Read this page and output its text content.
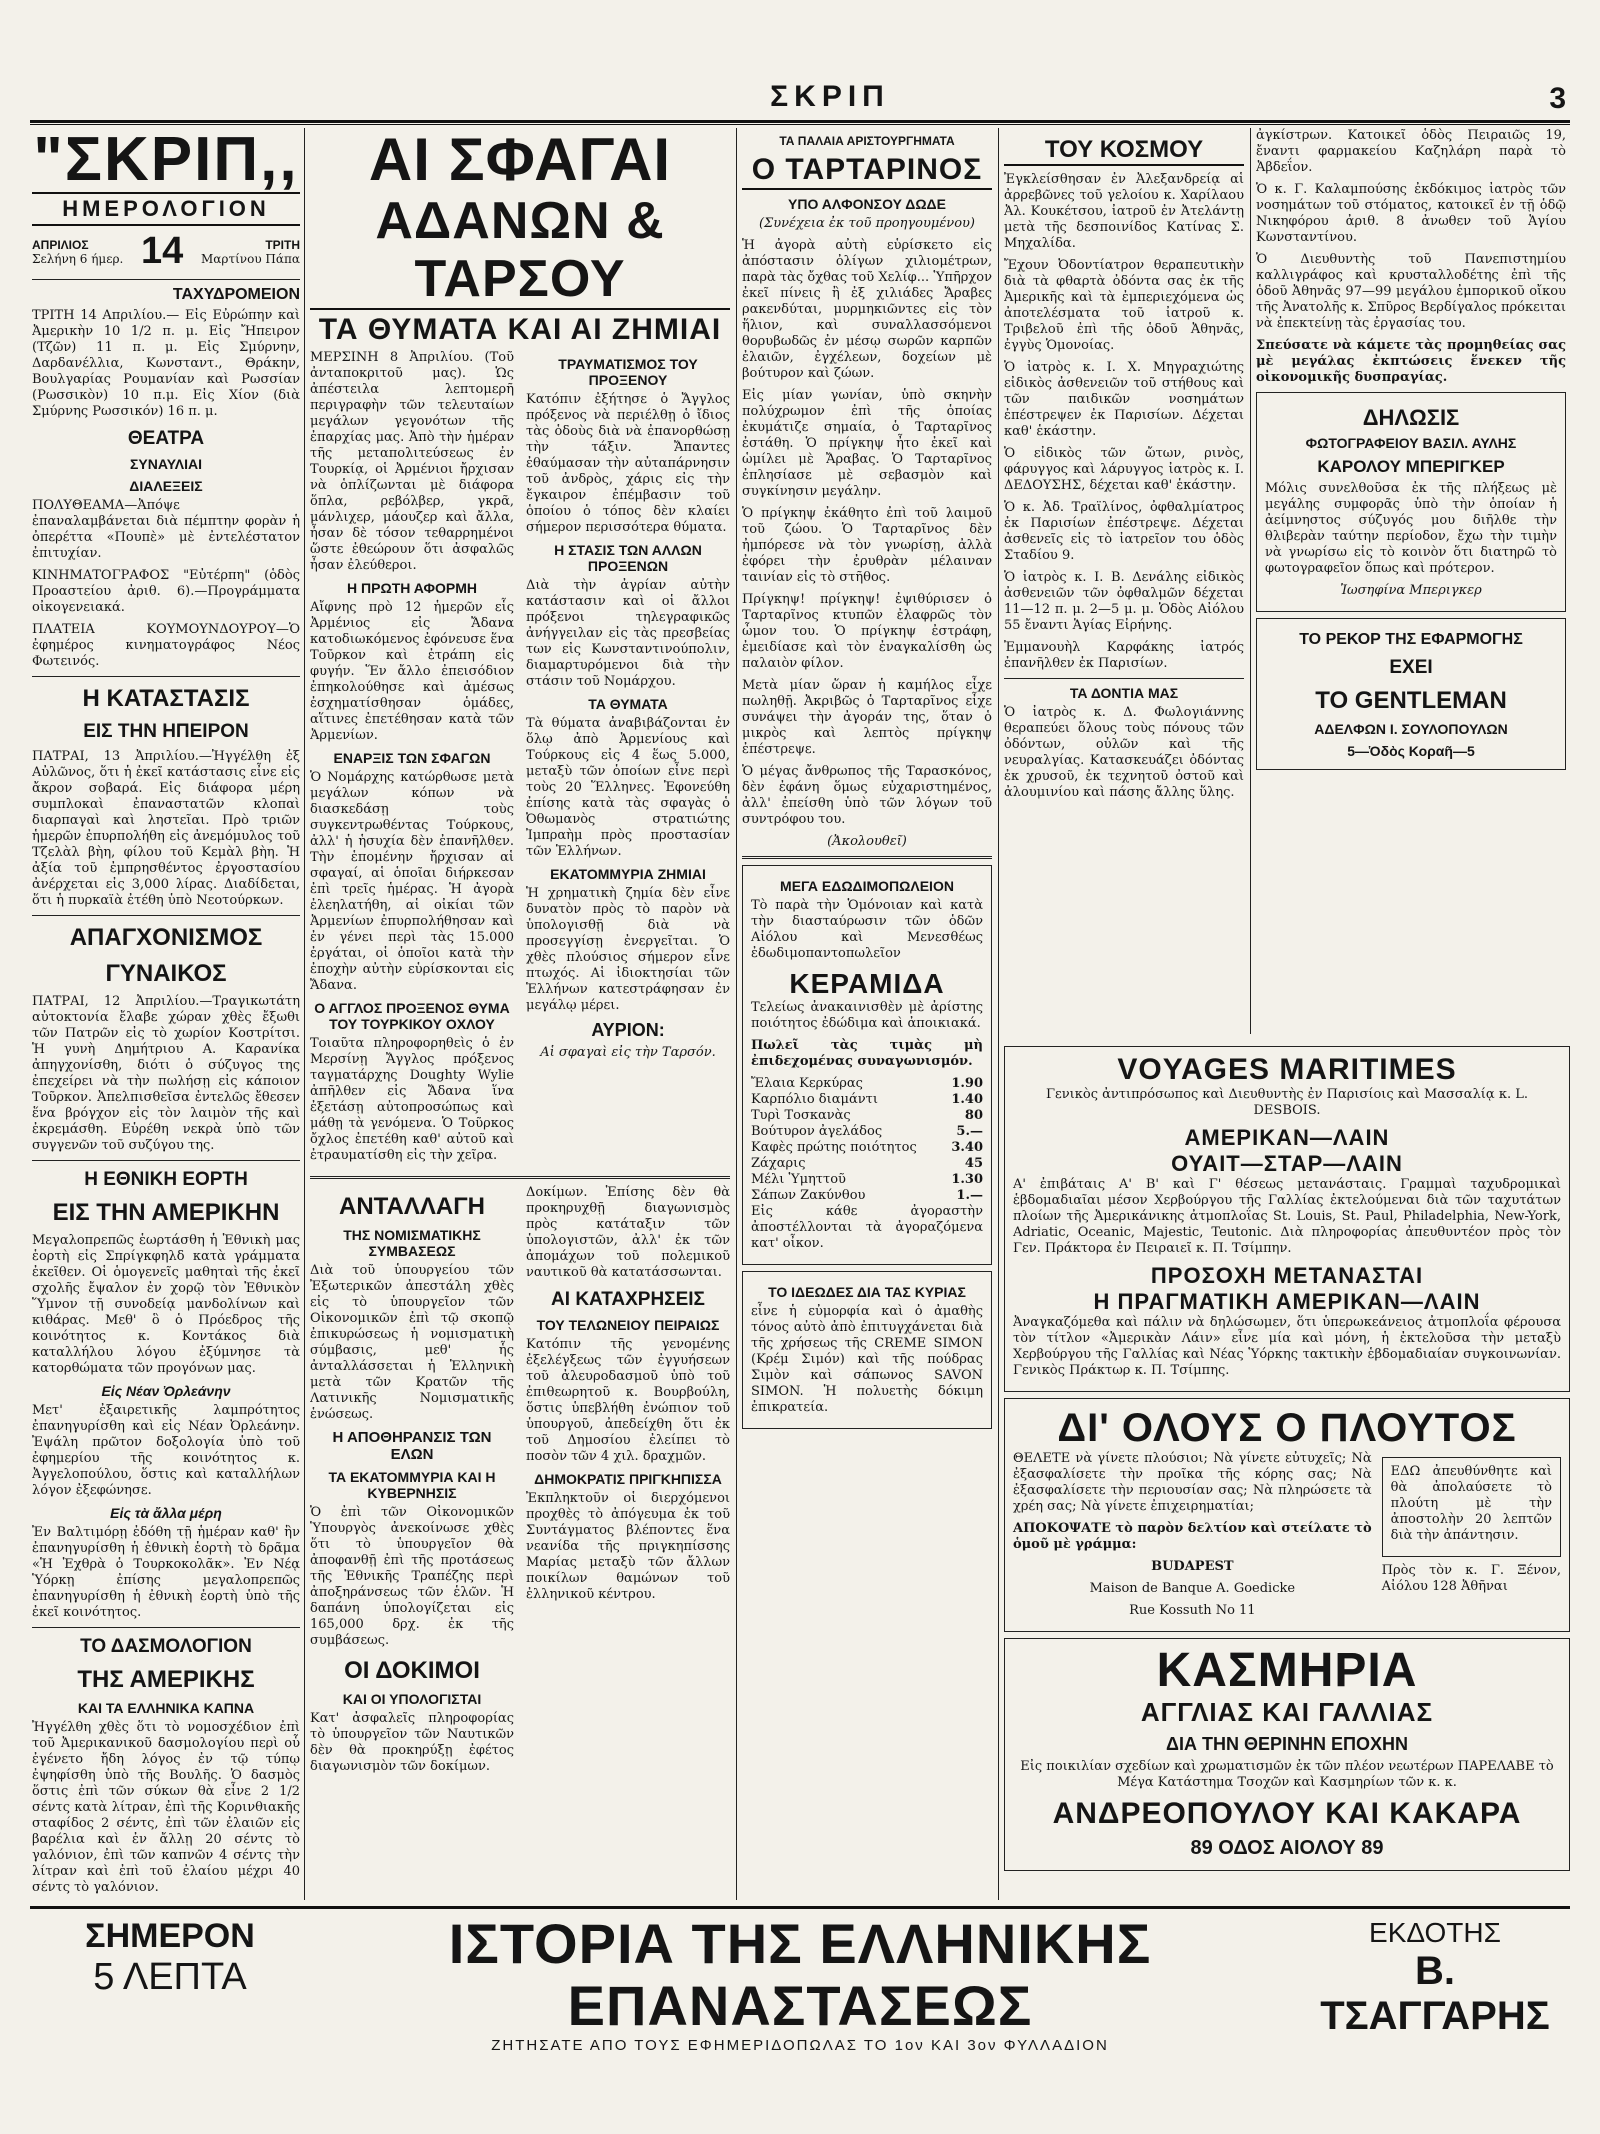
ΣΚΡΙΠ	3
"ΣΚΡΙΠ,,
ΗΜΕΡΟΛΟΓΙΟΝ
ΑΠΡΙΛΙΟΣ
Σελήνη 6 ήμερ. 14	ΤΡΙΤΗ
Μαρτίνου Πάπα
ΤΑΧΥΔΡΟΜΕΙΟΝ

ΤΡΙΤΗ 14 Απριλίου.— Εἰς Εὐρώπην καὶ Ἀμερικὴν 10 1/2 π. μ. Εἰς Ἤπειρον (Τζῶν) 11 π. μ. Εἰς Σμύρνην, Δαρδανέλλια, Κωνσταντ., Θράκην, Βουλγαρίας Ρουμανίαν καὶ Ρωσσίαν (Ρωσσικὸν) 10 π.μ. Εἰς Χίον (διὰ Σμύρνης Ρωσσικόν) 16 π. μ.

ΘΕΑΤΡΑ
ΣΥΝΑΥΛΙΑΙ
ΔΙΑΛΕΞΕΙΣ

ΠΟΛΥΘΕΑΜΑ—Ἀπόψε ἐπαναλαμβάνεται διὰ πέμπτην φορὰν ἡ ὀπερέττα «Πουπὲ» μὲ ἐντελέστατον ἐπιτυχίαν.

ΚΙΝΗΜΑΤΟΓΡΑΦΟΣ "Εὐτέρπη" (ὁδὸς Προαστείου ἀριθ. 6).—Προγράμματα οἰκογενειακά.

ΠΛΑΤΕΙΑ ΚΟΥΜΟΥΝΔΟΥΡΟΥ—Ὁ ἐφημέρος κινηματογράφος Νέος Φωτεινός.

Η ΚΑΤΑΣΤΑΣΙΣ
ΕΙΣ ΤΗΝ ΗΠΕΙΡΟΝ

ΠΑΤΡΑΙ, 13 Ἀπριλίου.—Ἠγγέλθη ἐξ Αὐλῶνος, ὅτι ἡ ἐκεῖ κατάστασις εἶνε εἰς ἄκρον σοβαρά. Εἰς διάφορα μέρη συμπλοκαὶ ἐπαναστατῶν κλοπαὶ διαρπαγαὶ καὶ ληστεῖαι. Πρὸ τριῶν ἡμερῶν ἐπυρπολήθη εἰς ἀνεμόμυλος τοῦ Τζελὰλ βὴη, φίλου τοῦ Κεμὰλ βὴη. Ἡ ἀξία τοῦ ἐμπρησθέντος ἐργοστασίου ἀνέρχεται εἰς 3,000 λίρας. Διαδίδεται, ὅτι ἡ πυρκαϊὰ ἐτέθη ὑπὸ Νεοτούρκων.

ΑΠΑΓΧΟΝΙΣΜΟΣ
ΓΥΝΑΙΚΟΣ

ΠΑΤΡΑΙ, 12 Ἀπριλίου.—Τραγικωτάτη αὐτοκτονία ἔλαβε χώραν χθὲς ἔξωθι τῶν Πατρῶν εἰς τὸ χωρίον Κοστρίτσι. Ἡ γυνὴ Δημήτριου Α. Καρανίκα ἀπηγχονίσθη, διότι ὁ σύζυγος της ἐπεχείρει νὰ τὴν πωλήσῃ εἰς κάποιον Τοῦρκον. Ἀπελπισθεῖσα ἐντελῶς ἔθεσεν ἕνα βρόγχον εἰς τὸν λαιμὸν τῆς καὶ ἐκρεμάσθη. Εὑρέθη νεκρὰ ὑπὸ τῶν συγγενῶν τοῦ συζύγου της.

Η ΕΘΝΙΚΗ ΕΟΡΤΗ
ΕΙΣ ΤΗΝ ΑΜΕΡΙΚΗΝ

Μεγαλοπρεπῶς ἑωρτάσθη ἡ Ἐθνικὴ μας ἑορτὴ εἰς Σπρίγκφηλδ κατὰ γράμματα ἐκεῖθεν. Οἱ ὁμογενεῖς μαθηταὶ τῆς ἐκεῖ σχολῆς ἔψαλον ἐν χορῷ τὸν Ἐθνικὸν Ὕμνον τῇ συνοδείᾳ μανδολίνων καὶ κιθάρας. Μεθ' ὃ ὁ Πρόεδρος τῆς κοινότητος κ. Κοντάκος διὰ καταλλήλου λόγου ἐξύμνησε τὰ κατορθώματα τῶν προγόνων μας.

Εἰς Νέαν Ὀρλεάνην

Μετ' ἐξαιρετικῆς λαμπρότητος ἐπανηγυρίσθη καὶ εἰς Νέαν Ὀρλεάνην. Ἐψάλη πρῶτον δοξολογία ὑπὸ τοῦ ἐφημερίου τῆς κοινότητος κ. Ἀγγελοπούλου, ὅστις καὶ καταλλήλων λόγον ἐξεφώνησε.

Εἰς τὰ ἄλλα μέρη

Ἐν Βαλτιμόρῃ ἐδόθη τῇ ἡμέραν καθ' ἣν ἐπανηγυρίσθη ἡ ἐθνικὴ ἑορτὴ τὸ δρᾶμα «Ἡ Ἐχθρὰ ὁ Τουρκοκολᾶκ». Ἐν Νέᾳ Ὑόρκῃ ἐπίσης μεγαλοπρεπῶς ἐπανηγυρίσθη ἡ ἐθνικὴ ἑορτὴ ὑπὸ τῆς ἐκεῖ κοινότητος.

ΤΟ ΔΑΣΜΟΛΟΓΙΟΝ
ΤΗΣ ΑΜΕΡΙΚΗΣ
ΚΑΙ ΤΑ ΕΛΛΗΝΙΚΑ ΚΑΠΝΑ

Ἠγγέλθη χθὲς ὅτι τὸ νομοσχέδιον ἐπὶ τοῦ Ἀμερικανικοῦ δασμολογίου περὶ οὗ ἐγένετο ἤδη λόγος ἐν τῷ τύπῳ ἐψηφίσθη ὑπὸ τῆς Βουλῆς. Ὁ δασμὸς ὅστις ἐπὶ τῶν σύκων θὰ εἶνε 2 1/2 σέντς κατὰ λίτραν, ἐπὶ τῆς Κορινθιακῆς σταφίδος 2 σέντς, ἐπὶ τῶν ἐλαιῶν εἰς βαρέλια καὶ ἐν ἄλλῃ 20 σέντς τὸ γαλόνιον, ἐπὶ τῶν καπνῶν 4 σέντς τὴν λίτραν καὶ ἐπὶ τοῦ ἐλαίου μέχρι 40 σέντς τὸ γαλόνιον.

ΑΙ ΣΦΑΓΑΙ
ΑΔΑΝΩΝ & ΤΑΡΣΟΥ
ΤΑ ΘΥΜΑΤΑ ΚΑΙ ΑΙ ΖΗΜΙΑΙ

ΜΕΡΣΙΝΗ 8 Ἀπριλίου. (Τοῦ ἀνταποκριτοῦ μας). Ὡς ἀπέστειλα λεπτομερῆ περιγραφὴν τῶν τελευταίων μεγάλων γεγονότων τῆς ἐπαρχίας μας. Ἀπὸ τὴν ἡμέραν τῆς μεταπολιτεύσεως ἐν Τουρκίᾳ, οἱ Ἀρμένιοι ἤρχισαν νὰ ὁπλίζωνται μὲ διάφορα ὅπλα, ρεβόλβερ, γκρᾶ, μάνλιχερ, μάουζερ καὶ ἄλλα, ἦσαν δὲ τόσον τεθαρρημένοι ὥστε ἐθεώρουν ὅτι ἀσφαλῶς ἦσαν ἐλεύθεροι.

Η ΠΡΩΤΗ ΑΦΟΡΜΗ

Αἴφνης πρὸ 12 ἡμερῶν εἷς Ἀρμένιος εἰς Ἄδανα κατοδιωκόμενος ἐφόνευσε ἕνα Τοῦρκον καὶ ἐτράπη εἰς φυγήν. Ἕν ἄλλο ἐπεισόδιον ἐπηκολούθησε καὶ ἀμέσως ἐσχηματίσθησαν ὁμάδες, αἵτινες ἐπετέθησαν κατὰ τῶν Ἀρμενίων.

ΕΝΑΡΞΙΣ ΤΩΝ ΣΦΑΓΩΝ

Ὁ Νομάρχης κατώρθωσε μετὰ μεγάλων κόπων νὰ διασκεδάσῃ τοὺς συγκεντρωθέντας Τούρκους, ἀλλ' ἡ ἡσυχία δὲν ἐπανῆλθεν. Τὴν ἑπομένην ἤρχισαν αἱ σφαγαί, αἱ ὁποῖαι διήρκεσαν ἐπὶ τρεῖς ἡμέρας. Ἡ ἀγορὰ ἐλεηλατήθη, αἱ οἰκίαι τῶν Ἀρμενίων ἐπυρπολήθησαν καὶ ἐν γένει περὶ τὰς 15.000 ἐργάται, οἱ ὁποῖοι κατὰ τὴν ἐποχὴν αὐτὴν εὑρίσκονται εἰς Ἄδανα.

Ο ΑΓΓΛΟΣ ΠΡΟΞΕΝΟΣ ΘΥΜΑ ΤΟΥ ΤΟΥΡΚΙΚΟΥ ΟΧΛΟΥ

Τοιαῦτα πληροφορηθεὶς ὁ ἐν Μερσίνῃ Ἄγγλος πρόξενος ταγματάρχης Doughty Wylie ἀπῆλθεν εἰς Ἄδανα ἵνα ἐξετάσῃ αὐτοπροσώπως καὶ μάθῃ τὰ γενόμενα. Ὁ Τοῦρκος ὄχλος ἐπετέθη καθ' αὐτοῦ καὶ ἐτραυματίσθη εἰς τὴν χεῖρα.

ΤΡΑΥΜΑΤΙΣΜΟΣ ΤΟΥ ΠΡΟΞΕΝΟΥ

Κατόπιν ἐξήτησε ὁ Ἄγγλος πρόξενος νὰ περιέλθῃ ὁ ἴδιος τὰς ὁδοὺς διὰ νὰ ἐπανορθώσῃ τὴν τάξιν. Ἄπαντες ἐθαύμασαν τὴν αὐταπάρνησιν τοῦ ἀνδρὸς, χάρις εἰς τὴν ἔγκαιρον ἐπέμβασιν τοῦ ὁποίου ὁ τόπος δὲν κλαίει σήμερον περισσότερα θύματα.

Η ΣΤΑΣΙΣ ΤΩΝ ΑΛΛΩΝ ΠΡΟΞΕΝΩΝ

Διὰ τὴν ἀγρίαν αὐτὴν κατάστασιν καὶ οἱ ἄλλοι πρόξενοι τηλεγραφικῶς ἀνήγγειλαν εἰς τὰς πρεσβείας των εἰς Κωνσταντινούπολιν, διαμαρτυρόμενοι διὰ τὴν στάσιν τοῦ Νομάρχου.

ΤΑ ΘΥΜΑΤΑ

Τὰ θύματα ἀναβιβάζονται ἐν ὅλῳ ἀπὸ Ἀρμενίους καὶ Τούρκους εἰς 4 ἕως 5.000, μεταξὺ τῶν ὁποίων εἶνε περὶ τοὺς 20 Ἕλληνες. Ἐφονεύθη ἐπίσης κατὰ τὰς σφαγὰς ὁ Ὀθωμανὸς στρατιώτης Ἰμπραὴμ πρὸς προστασίαν τῶν Ἑλλήνων.

ΕΚΑΤΟΜΜΥΡΙΑ ΖΗΜΙΑΙ

Ἡ χρηματικὴ ζημία δὲν εἶνε δυνατὸν πρὸς τὸ παρὸν νὰ ὑπολογισθῇ διὰ νὰ προσεγγίσῃ ἐνεργεῖται. Ὁ χθὲς πλούσιος σήμερον εἶνε πτωχός. Αἱ ἰδιοκτησίαι τῶν Ἑλλήνων κατεστράφησαν ἐν μεγάλῳ μέρει.

ΑΥΡΙΟΝ:

Αἱ σφαγαὶ εἰς τὴν Ταρσόν.

ΑΝΤΑΛΛΑΓΗ
ΤΗΣ ΝΟΜΙΣΜΑΤΙΚΗΣ ΣΥΜΒΑΣΕΩΣ

Διὰ τοῦ ὑπουργείου τῶν Ἐξωτερικῶν ἀπεστάλη χθὲς εἰς τὸ ὑπουργεῖον τῶν Οἰκονομικῶν ἐπὶ τῷ σκοπῷ ἐπικυρώσεως ἡ νομισματικὴ σύμβασις, μεθ' ἧς ἀνταλλάσσεται ἡ Ἑλληνικὴ μετὰ τῶν Κρατῶν τῆς Λατινικῆς Νομισματικῆς ἑνώσεως.

Η ΑΠΟΘΗΡΑΝΣΙΣ ΤΩΝ ΕΛΩΝ
ΤΑ ΕΚΑΤΟΜΜΥΡΙΑ ΚΑΙ Η ΚΥΒΕΡΝΗΣΙΣ

Ὁ ἐπὶ τῶν Οἰκονομικῶν Ὑπουργὸς ἀνεκοίνωσε χθὲς ὅτι τὸ ὑπουργεῖον θὰ ἀποφανθῇ ἐπὶ τῆς προτάσεως τῆς Ἐθνικῆς Τραπέζης περὶ ἀποξηράνσεως τῶν ἑλῶν. Ἡ δαπάνη ὑπολογίζεται εἰς 165,000 δρχ. ἐκ τῆς συμβάσεως.

ΟΙ ΔΟΚΙΜΟΙ
ΚΑΙ ΟΙ ΥΠΟΛΟΓΙΣΤΑΙ

Κατ' ἀσφαλεῖς πληροφορίας τὸ ὑπουργεῖον τῶν Ναυτικῶν δὲν θὰ προκηρύξῃ ἐφέτος διαγωνισμὸν τῶν δοκίμων.

Δοκίμων. Ἐπίσης δὲν θὰ προκηρυχθῇ διαγωνισμὸς πρὸς κατάταξιν τῶν ὑπολογιστῶν, ἀλλ' ἐκ τῶν ἀπομάχων τοῦ πολεμικοῦ ναυτικοῦ θὰ κατατάσσωνται.

ΑΙ ΚΑΤΑΧΡΗΣΕΙΣ
ΤΟΥ ΤΕΛΩΝΕΙΟΥ ΠΕΙΡΑΙΩΣ

Κατόπιν τῆς γενομένης ἐξελέγξεως τῶν ἐγγυήσεων τοῦ ἀλευροδασμοῦ ὑπὸ τοῦ ἐπιθεωρητοῦ κ. Βουρβούλη, ὅστις ὑπεβλήθη ἐνώπιον τοῦ ὑπουργοῦ, ἀπεδείχθη ὅτι ἐκ τοῦ Δημοσίου ἐλείπει τὸ ποσὸν τῶν 4 χιλ. δραχμῶν.

ΔΗΜΟΚΡΑΤΙΣ ΠΡΙΓΚΗΠΙΣΣΑ

Ἐκπληκτοῦν οἱ διερχόμενοι προχθὲς τὸ ἀπόγευμα ἐκ τοῦ Συντάγματος βλέποντες ἕνα νεανίδα τῆς πριγκηπίσσης Μαρίας μεταξὺ τῶν ἄλλων ποικίλων θαμώνων τοῦ ἐλληνικοῦ κέντρου.

ΤΑ ΠΑΛΑΙΑ ΑΡΙΣΤΟΥΡΓΗΜΑΤΑ
Ο ΤΑΡΤΑΡΙΝΟΣ
ΥΠΟ ΑΛΦΟΝΣΟΥ ΔΩΔΕ

(Συνέχεια ἐκ τοῦ προηγουμένου)

Ἡ ἀγορὰ αὐτὴ εὑρίσκετο εἰς ἀπόστασιν ὀλίγων χιλιομέτρων, παρὰ τὰς ὄχθας τοῦ Χελίφ... Ὑπῆρχον ἐκεῖ πίνεις ἢ ἐξ χιλιάδες Ἄραβες ρακενδύται, μυρμηκιῶντες εἰς τὸν ἥλιον, καὶ συναλλασσόμενοι θορυβωδῶς ἐν μέσῳ σωρῶν καρπῶν ἐλαιῶν, ἐγχέλεων, δοχείων μὲ βούτυρον καὶ ζώων.

Εἰς μίαν γωνίαν, ὑπὸ σκηνὴν πολύχρωμον ἐπὶ τῆς ὁποίας ἐκυμάτιζε σημαία, ὁ Ταρταρῖνος ἐστάθη. Ὁ πρίγκηψ ἦτο ἐκεῖ καὶ ὡμίλει μὲ Ἄραβας. Ὁ Ταρταρῖνος ἐπλησίασε μὲ σεβασμὸν καὶ συγκίνησιν μεγάλην.

Ὁ πρίγκηψ ἐκάθητο ἐπὶ τοῦ λαιμοῦ τοῦ ζώου. Ὁ Ταρταρῖνος δὲν ἠμπόρεσε νὰ τὸν γνωρίσῃ, ἀλλὰ ἐφόρει τὴν ἐρυθρὰν μέλαιναν ταινίαν εἰς τὸ στῆθος.

Πρίγκηψ! πρίγκηψ! ἐψιθύρισεν ὁ Ταρταρῖνος κτυπῶν ἐλαφρῶς τὸν ὦμον του. Ὁ πρίγκηψ ἐστράφη, ἐμειδίασε καὶ τὸν ἐναγκαλίσθη ὡς παλαιὸν φίλον.

Μετὰ μίαν ὥραν ἡ καμήλος εἶχε πωληθῇ. Ἀκριβῶς ὁ Ταρταρῖνος εἶχε συνάψει τὴν ἀγοράν της, ὅταν ὁ μικρὸς καὶ λεπτὸς πρίγκηψ ἐπέστρεψε.

Ὁ μέγας ἄνθρωπος τῆς Ταρασκόνος, δὲν ἐφάνη ὅμως εὐχαριστημένος, ἀλλ' ἐπείσθη ὑπὸ τῶν λόγων τοῦ συντρόφου του.

(Ἀκολουθεῖ)

ΜΕΓΑ ΕΔΩΔΙΜΟΠΩΛΕΙΟΝ

Τὸ παρὰ τὴν Ὁμόνοιαν καὶ κατὰ τὴν διασταύρωσιν τῶν ὁδῶν Αἰόλου καὶ Μενεσθέως ἐδωδιμοπαντοπωλεῖον

ΚΕΡΑΜΙΔΑ

Τελείως ἀνακαινισθὲν μὲ ἀρίστης ποιότητος ἐδώδιμα καὶ ἀποικιακά.

Πωλεῖ τὰς τιμὰς μὴ ἐπιδεχομένας συναγωνισμόν.

Ἔλαια Κερκύρας	1.90
Καρπόλιο διαμάντι	1.40
Τυρὶ Τοσκανὰς	80
Βούτυρον ἀγελάδος	5.—
Καφὲς πρώτης ποιότητος	3.40
Ζάχαρις	45
Μέλι Ὑμηττοῦ	1.30
Σάπων Ζακύνθου	1.—

Εἰς κάθε ἀγοραστὴν ἀποστέλλονται τὰ ἀγοραζόμενα κατ' οἶκον.

ΤΟ ΙΔΕΩΔΕΣ ΔΙΑ ΤΑΣ ΚΥΡΙΑΣ

εἶνε ἡ εὐμορφία καὶ ὁ ἀμαθὴς τόνος αὐτὸ ἀπὸ ἐπιτυγχάνεται διὰ τῆς χρήσεως τῆς CREME SIMON (Κρέμ Σιμόν) καὶ τῆς πούδρας Σιμὸν καὶ σάπωνος SAVON SIMON. Ἡ πολυετὴς δόκιμη ἐπικρατεία.

ΤΟΥ ΚΟΣΜΟΥ

Ἐγκλείσθησαν ἐν Ἀλεξανδρείᾳ αἱ ἀρρεβῶνες τοῦ γελοίου κ. Χαρίλαου Ἀλ. Κουκέτσου, ἰατροῦ ἐν Ἀτελάντῃ μετὰ τῆς δεσποινίδος Κατίνας Σ. Μηχαλίδα.

Ἔχουν Ὀδοντίατρον θεραπευτικὴν διὰ τὰ φθαρτὰ ὀδόντα σας ἐκ τῆς Ἀμερικῆς καὶ τὰ ἐμπεριεχόμενα ὡς ἀποτελέσματα τοῦ ἰατροῦ κ. Τριβελοῦ ἐπὶ τῆς ὁδοῦ Ἀθηνᾶς, ἐγγὺς Ὁμονοίας.

Ὁ ἰατρὸς κ. Ι. Χ. Μηγραχιώτης εἰδικὸς ἀσθενειῶν τοῦ στήθους καὶ τῶν παιδικῶν νοσημάτων ἐπέστρεψεν ἐκ Παρισίων. Δέχεται καθ' ἑκάστην.

Ὁ εἰδικὸς τῶν ὤτων, ρινὸς, φάρυγγος καὶ λάρυγγος ἰατρὸς κ. Ι. ΔΕΔΟΥΣΗΣ, δέχεται καθ' ἑκάστην.

Ὁ κ. Ἀδ. Τραϊλίνος, ὀφθαλμίατρος ἐκ Παρισίων ἐπέστρεψε. Δέχεται ἀσθενεῖς εἰς τὸ ἰατρεῖον του ὁδὸς Σταδίου 9.

Ὁ ἰατρὸς κ. Ι. Β. Δενάλης εἰδικὸς ἀσθενειῶν τῶν ὀφθαλμῶν δέχεται 11—12 π. μ. 2—5 μ. μ. Ὁδὸς Αἰόλου 55 ἔναντι Ἁγίας Εἰρήνης.

Ἐμμανουὴλ Καρφάκης ἰατρός ἐπανῆλθεν ἐκ Παρισίων.

ΤΑ ΔΟΝΤΙΑ ΜΑΣ

Ὁ ἰατρὸς κ. Δ. Φωλογιάννης θεραπεύει ὅλους τοὺς πόνους τῶν ὀδόντων, οὐλῶν καὶ τῆς νευραλγίας. Κατασκευάζει ὀδόντας ἐκ χρυσοῦ, ἐκ τεχνητοῦ ὀστοῦ καὶ ἀλουμινίου καὶ πάσης ἄλλης ὕλης.

ἀγκίστρων. Κατοικεῖ ὁδὸς Πειραιῶς 19, ἔναντι φαρμακείου Καζηλάρη παρὰ τὸ Ἀβδεΐον.

Ὁ κ. Γ. Καλαμπούσης ἐκδόκιμος ἰατρὸς τῶν νοσημάτων τοῦ στόματος, κατοικεῖ ἐν τῇ ὁδῷ Νικηφόρου ἀριθ. 8 ἀνωθεν τοῦ Ἁγίου Κωνσταντίνου.

Ὁ Διευθυντὴς τοῦ Πανεπιστημίου καλλιγράφος καὶ κρυσταλλοδέτης ἐπὶ τῆς ὁδοῦ Ἀθηνᾶς 97—99 μεγάλου ἐμπορικοῦ οἴκου τῆς Ἀνατολῆς κ. Σπῦρος Βερδίγαλος πρόκειται νὰ ἐπεκτείνῃ τὰς ἐργασίας του.

Σπεύσατε νὰ κάμετε τὰς προμηθείας σας μὲ μεγάλας ἐκπτώσεις ἕνεκεν τῆς οἰκονομικῆς δυσπραγίας.

ΔΗΛΩΣΙΣ
ΦΩΤΟΓΡΑΦΕΙΟΥ ΒΑΣΙΛ. ΑΥΛΗΣ
ΚΑΡΟΛΟΥ ΜΠΕΡΙΓΚΕΡ

Μόλις συνελθοῦσα ἐκ τῆς πλήξεως μὲ μεγάλης συμφορᾶς ὑπὸ τὴν ὁποίαν ἡ ἀείμνηστος σύζυγός μου διῆλθε τὴν θλιβερὰν ταύτην περίοδον, ἔχω τὴν τιμὴν νὰ γνωρίσω εἰς τὸ κοινὸν ὅτι διατηρῶ τὸ φωτογραφεῖον ὅπως καὶ πρότερον.

Ἰωσηφίνα Μπεριγκερ

ΤΟ ΡΕΚΟΡ ΤΗΣ ΕΦΑΡΜΟΓΗΣ
ΕΧΕΙ
ΤΟ GENTLEMAN
ΑΔΕΛΦΩΝ Ι. ΣΟΥΛΟΠΟΥΛΩΝ
5—Ὁδὸς Κοραῆ—5
VOYAGES MARITIMES

Γενικὸς ἀντιπρόσωπος καὶ Διευθυντὴς ἐν Παρισίοις καὶ Μασσαλίᾳ κ. L. DESBOIS.

ΑΜΕΡΙΚΑΝ—ΛΑΙΝ
ΟΥΑΙΤ—ΣΤΑΡ—ΛΑΙΝ

Α' ἐπιβάταις Α' Β' καὶ Γ' θέσεως μετανάσταις. Γραμμαὶ ταχυδρομικαὶ ἑβδομαδιαῖαι μέσον Χερβούργου τῆς Γαλλίας ἐκτελούμεναι διὰ τῶν ταχυτάτων πλοίων τῆς Ἀμερικάνικης ἀτμοπλοΐας St. Louis, St. Paul, Philadelphia, New-York, Adriatic, Oceanic, Majestic, Teutonic. Διὰ πληροφορίας ἀπευθυντέον πρὸς τὸν Γεν. Πράκτορα ἐν Πειραιεῖ κ. Π. Τσίμπην.

ΠΡΟΣΟΧΗ ΜΕΤΑΝΑΣΤΑΙ
Η ΠΡΑΓΜΑΤΙΚΗ ΑΜΕΡΙΚΑΝ—ΛΑΙΝ

Ἀναγκαζόμεθα καὶ πάλιν νὰ δηλώσωμεν, ὅτι ὑπερωκεάνειος ἀτμοπλοΐα φέρουσα τὸν τίτλον «Ἀμερικὰν Λάιν» εἶνε μία καὶ μόνη, ἡ ἐκτελοῦσα τὴν μεταξὺ Χερβούργου τῆς Γαλλίας καὶ Νέας Ὑόρκης τακτικὴν ἑβδομαδιαίαν συγκοινωνίαν. Γενικὸς Πράκτωρ κ. Π. Τσίμπης.

ΔΙ' ΟΛΟΥΣ Ο ΠΛΟΥΤΟΣ

ΘΕΛΕΤΕ νὰ γίνετε πλούσιοι; Νὰ γίνετε εὐτυχεῖς; Νὰ ἐξασφαλίσετε τὴν προῖκα τῆς κόρης σας; Νὰ ἐξασφαλίσετε τὴν περιουσίαν σας; Νὰ πληρώσετε τὰ χρέη σας; Νὰ γίνετε ἐπιχειρηματίαι;

ΑΠΟΚΟΨΑΤΕ τὸ παρὸν δελτίον καὶ στείλατε τὸ ὁμοῦ μὲ γράμμα:

BUDAPEST

Maison de Banque A. Goedicke

Rue Kossuth No 11

ΕΔΩ ἀπευθύνθητε καὶ θὰ ἀπολαύσετε τὸ πλούτη μὲ τὴν ἀποστολὴν 20 λεπτῶν διὰ τὴν ἀπάντησιν.

Πρὸς τὸν κ. Γ. Ξένον, Αἰόλου 128 Ἀθῆναι

ΚΑΣΜΗΡΙΑ
ΑΓΓΛΙΑΣ ΚΑΙ ΓΑΛΛΙΑΣ
ΔΙΑ ΤΗΝ ΘΕΡΙΝΗΝ ΕΠΟΧΗΝ

Εἰς ποικιλίαν σχεδίων καὶ χρωματισμῶν ἐκ τῶν πλέον νεωτέρων ΠΑΡΕΛΑΒΕ τὸ Μέγα Κατάστημα Τσοχῶν καὶ Κασμηρίων τῶν κ. κ.

ΑΝΔΡΕΟΠΟΥΛΟΥ ΚΑΙ ΚΑΚΑΡΑ
89 ΟΔΟΣ ΑΙΟΛΟΥ 89
ΣΗΜΕΡΟΝ
5 ΛΕΠΤΑ
ΙΣΤΟΡΙΑ ΤΗΣ ΕΛΛΗΝΙΚΗΣ ΕΠΑΝΑΣΤΑΣΕΩΣ
ΖΗΤΗΣΑΤΕ ΑΠΟ ΤΟΥΣ ΕΦΗΜΕΡΙΔΟΠΩΛΑΣ ΤΟ 1ον ΚΑΙ 3ον ΦΥΛΛΑΔΙΟΝ
ΕΚΔΟΤΗΣ
Β. ΤΣΑΓΓΑΡΗΣ
